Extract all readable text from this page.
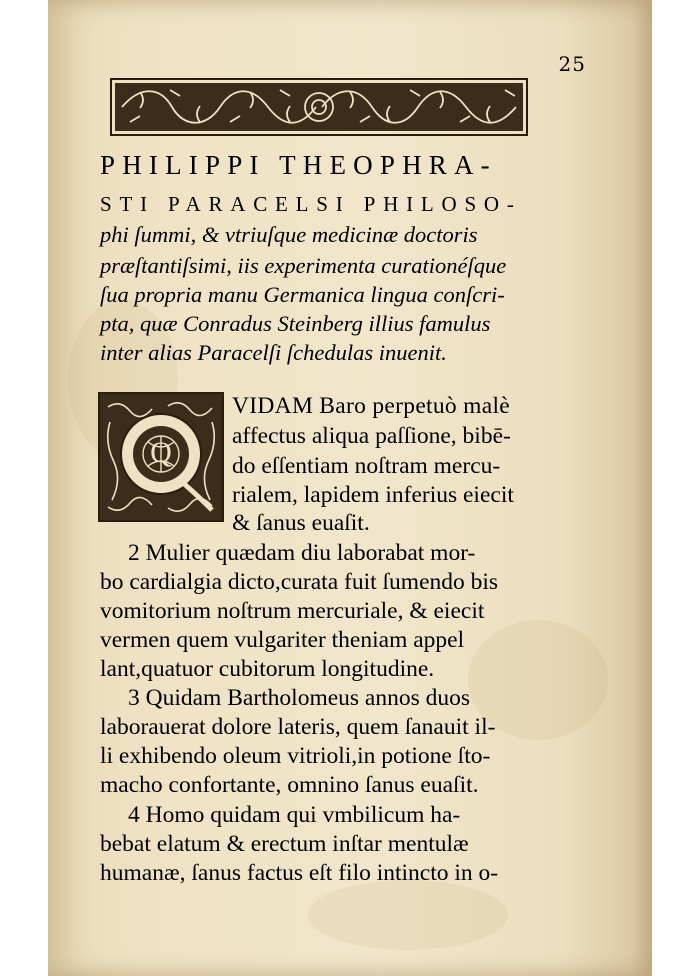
25
PHILIPPI THEOPHRA-
STI PARACELSI PHILOSO-
phi ſummi, & vtriuſque medicinæ doctoris
præſtantiſsimi, iis experimenta curationéſque
ſua propria manu Germanica lingua conſcri-
pta, quæ Conradus Steinberg illius famulus
inter alias Paracelſi ſchedulas inuenit.
Q
VIDAM Baro perpetuò malè
affectus aliqua paſſione, bibē-
do eſſentiam noſtram mercu-
rialem, lapidem inferius eiecit
& ſanus euaſit.
2 Mulier quædam diu laborabat mor-
bo cardialgia dicto,curata fuit ſumendo bis
vomitorium noſtrum mercuriale, & eiecit
vermen quem vulgariter theniam appel
lant,quatuor cubitorum longitudine.
3 Quidam Bartholomeus annos duos
laborauerat dolore lateris, quem ſanauit il-
li exhibendo oleum vitrioli,in potione ſto-
macho confortante, omnino ſanus euaſit.
4 Homo quidam qui vmbilicum ha-
bebat elatum & erectum inſtar mentulæ
humanæ, ſanus factus eſt filo intincto in o-
